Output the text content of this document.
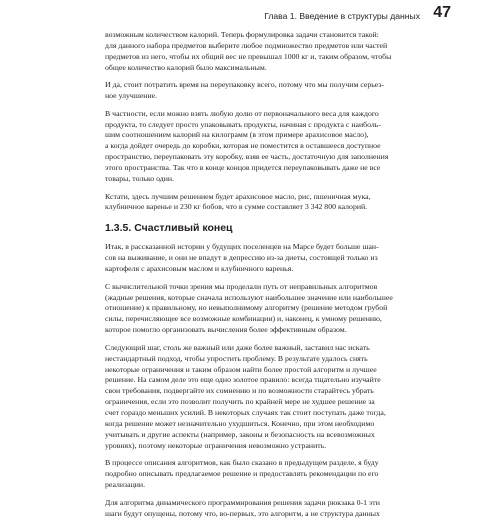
Глава 1. Введение в структуры данных 47

возможным количеством калорий. Теперь формулировка задачи становится такой:
для данного набора предметов выберите любое подмножество предметов или частей
предметов из него, чтобы их общий вес не превышал 1000 кг и, таким образом, чтобы
общее количество калорий было максимальным.

И да, стоит потратить время на переупаковку всего, потому что мы получим серьез-
ное улучшение.

В частности, если можно взять любую долю от первоначального веса для каждого
продукта, то следует просто упаковывать продукты, начиная с продукта с наиболь-
шим соотношением калорий на килограмм (в этом примере арахисовое масло),
а когда дойдет очередь до коробки, которая не поместится в оставшееся доступное
пространство, переупаковать эту коробку, взяв ее часть, достаточную для заполнения
этого пространства. Так что в конце концов придется переупаковывать даже не все
товары, только один.

Кстати, здесь лучшим решением будет арахисовое масло, рис, пшеничная мука,
клубничное варенье и 230 кг бобов, что в сумме составляет 3 342 800 калорий.

1.3.5. Счастливый конец

Итак, в рассказанной истории у будущих поселенцев на Марсе будет больше шан-
сов на выживание, и они не впадут в депрессию из-за диеты, состоящей только из
картофеля с арахисовым маслом и клубничного варенья.

С вычислительной точки зрения мы проделали путь от неправильных алгоритмов
(жадные решения, которые сначала используют наибольшее значение или наибольшее
отношение) к правильному, но невыполнимому алгоритму (решение методом грубой
силы, перечисляющее все возможные комбинации) и, наконец, к умному решению,
которое помогло организовать вычисления более эффективным образом.

Следующий шаг, столь же важный или даже более важный, заставил нас искать
нестандартный подход, чтобы упростить проблему. В результате удалось снять
некоторые ограничения и таким образом найти более простой алгоритм и лучшее
решение. На самом деле это еще одно золотое правило: всегда тщательно изучайте
свои требования, подвергайте их сомнению и по возможности старайтесь убрать
ограничения, если это позволит получить по крайней мере не худшее решение за
счет гораздо меньших усилий. В некоторых случаях так стоит поступать даже тогда,
когда решение может незначительно ухудшиться. Конечно, при этом необходимо
учитывать и другие аспекты (например, законы и безопасность на всевозможных
уровнях), поэтому некоторые ограничения невозможно устранить.

В процессе описания алгоритмов, как было сказано в предыдущем разделе, я буду
подробно описывать предлагаемое решение и предоставлять рекомендации по его
реализации.

Для алгоритма динамического программирования решения задачи рюкзака 0-1 эти
шаги будут опущены, потому что, во-первых, это алгоритм, а не структура данных
